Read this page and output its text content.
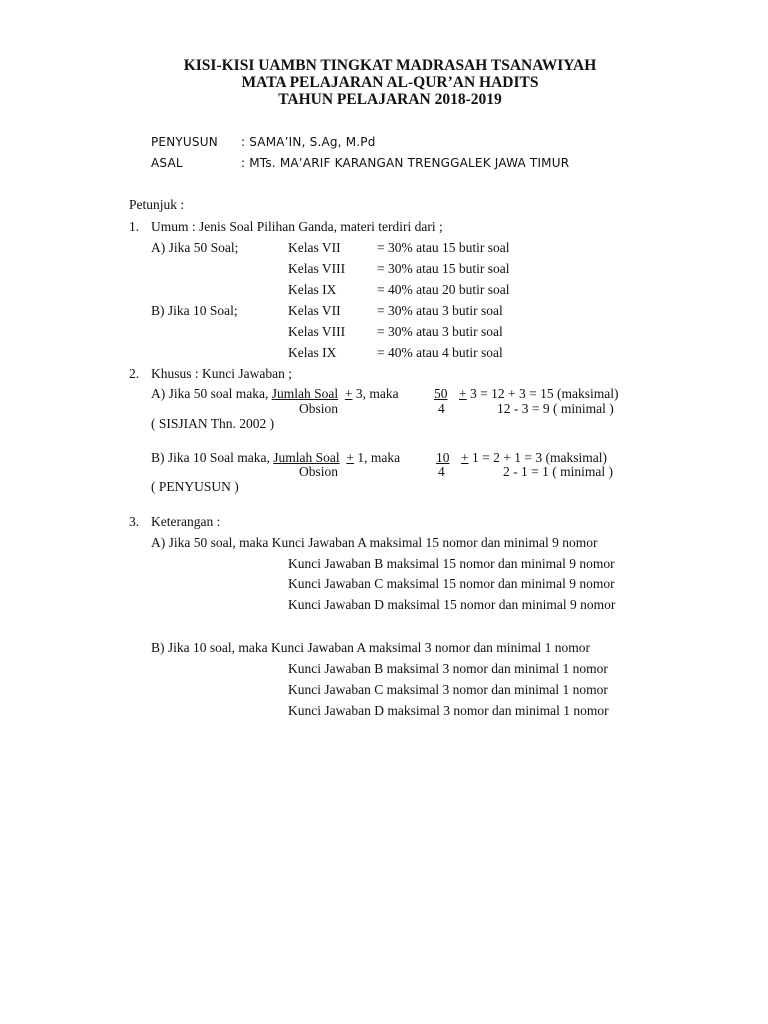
KISI-KISI UAMBN TINGKAT MADRASAH TSANAWIYAH
MATA PELAJARAN AL-QUR’AN HADITS
TAHUN PELAJARAN 2018-2019
PENYUSUN : SAMA’IN, S.Ag, M.Pd
ASAL	: MTs. MA’ARIF KARANGAN TRENGGALEK JAWA TIMUR
Petunjuk :
1. Umum : Jenis Soal Pilihan Ganda, materi terdiri dari ;
A) Jika 50 Soal;	Kelas VII	= 30% atau 15 butir soal
Kelas VIII = 30% atau 15 butir soal
Kelas IX	= 40% atau 20 butir soal
B) Jika 10 Soal;	Kelas VII	= 30% atau 3 butir soal
Kelas VIII = 30% atau 3 butir soal
Kelas IX	= 40% atau 4 butir soal
2. Khusus : Kunci Jawaban ;
A) Jika 50 soal maka, Jumlah Soal + 3, maka	50 + 3 = 12 + 3 = 15 (maksimal)
Obsion	4	12 - 3 = 9 ( minimal )
( SISJIAN Thn. 2002 )
B) Jika 10 Soal maka, Jumlah Soal + 1, maka	10 + 1 = 2 + 1 = 3 (maksimal)
Obsion	4	2 - 1 = 1 ( minimal )
( PENYUSUN )
3. Keterangan :
A) Jika 50 soal, maka Kunci Jawaban A maksimal 15 nomor dan minimal 9 nomor
Kunci Jawaban B maksimal 15 nomor dan minimal 9 nomor
Kunci Jawaban C maksimal 15 nomor dan minimal 9 nomor
Kunci Jawaban D maksimal 15 nomor dan minimal 9 nomor
B) Jika 10 soal, maka Kunci Jawaban A maksimal 3 nomor dan minimal 1 nomor
Kunci Jawaban B maksimal 3 nomor dan minimal 1 nomor
Kunci Jawaban C maksimal 3 nomor dan minimal 1 nomor
Kunci Jawaban D maksimal 3 nomor dan minimal 1 nomor
